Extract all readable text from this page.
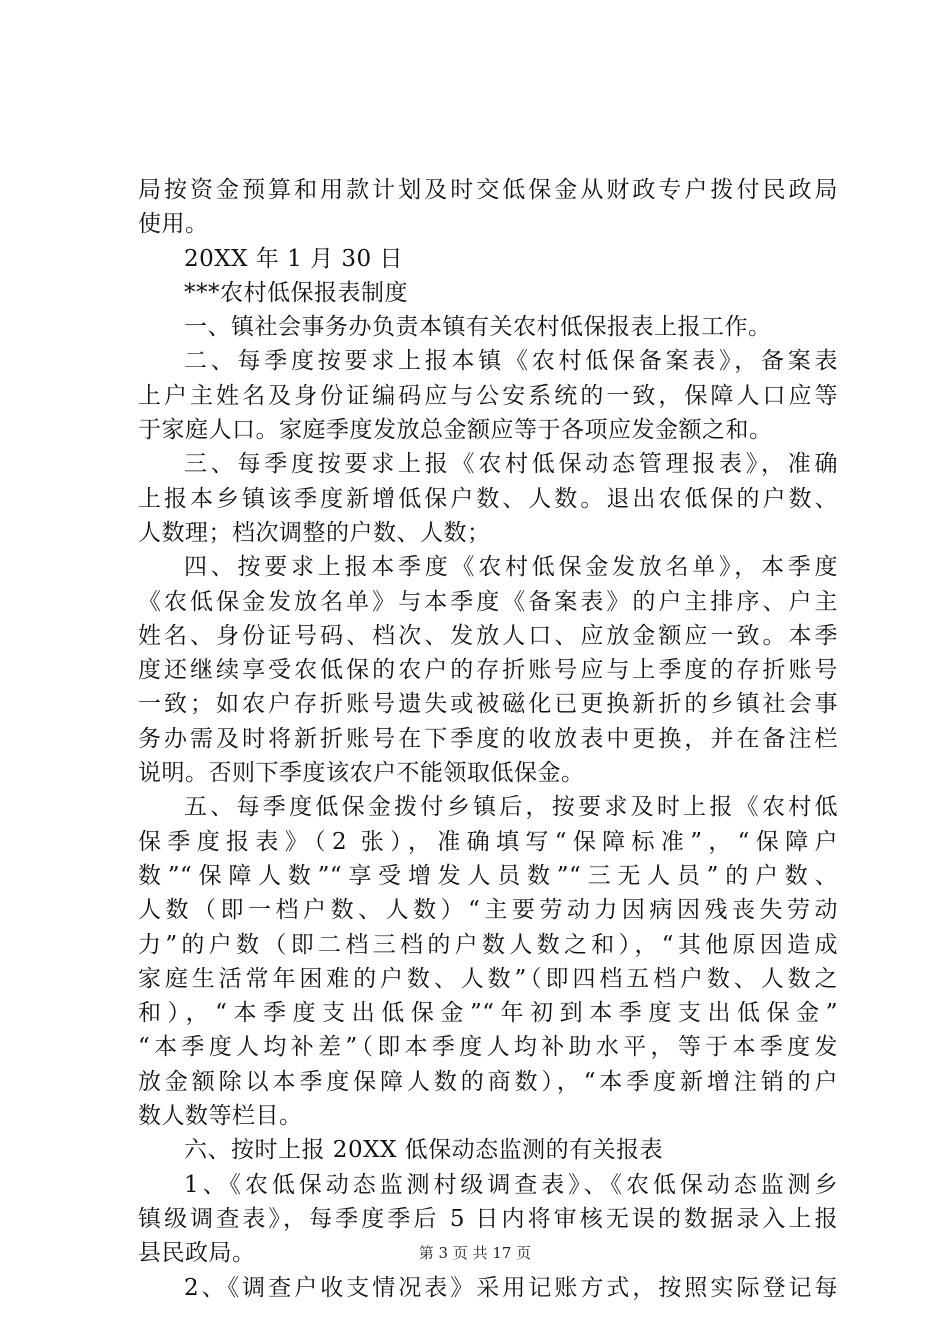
局按资金预算和用款计划及时交低保金从财政专户拨付民政局
使用。
20XX 年 1 月 30 日
***农村低保报表制度
一、镇社会事务办负责本镇有关农村低保报表上报工作。
二、每季度按要求上报本镇《农村低保备案表》，备案表
上户主姓名及身份证编码应与公安系统的一致，保障人口应等
于家庭人口。家庭季度发放总金额应等于各项应发金额之和。
三、每季度按要求上报《农村低保动态管理报表》，准确
上报本乡镇该季度新增低保户数、人数。退出农低保的户数、
人数理；档次调整的户数、人数；
四、按要求上报本季度《农村低保金发放名单》，本季度
《农低保金发放名单》与本季度《备案表》的户主排序、户主
姓名、身份证号码、档次、发放人口、应放金额应一致。本季
度还继续享受农低保的农户的存折账号应与上季度的存折账号
一致；如农户存折账号遗失或被磁化已更换新折的乡镇社会事
务办需及时将新折账号在下季度的收放表中更换，并在备注栏
说明。否则下季度该农户不能领取低保金。
五、每季度低保金拨付乡镇后，按要求及时上报《农村低
保季度报表》（2 张），准确填写“保障标准”，“保障户
数”“保障人数”“享受增发人员数”“三无人员”的户数、
人数（即一档户数、人数）“主要劳动力因病因残丧失劳动
力”的户数（即二档三档的户数人数之和），“其他原因造成
家庭生活常年困难的户数、人数”（即四档五档户数、人数之
和），“本季度支出低保金”“年初到本季度支出低保金”
“本季度人均补差”（即本季度人均补助水平，等于本季度发
放金额除以本季度保障人数的商数），“本季度新增注销的户
数人数等栏目。
六、按时上报 20XX 低保动态监测的有关报表
1、《农低保动态监测村级调查表》、《农低保动态监测乡
镇级调查表》，每季度季后 5 日内将审核无误的数据录入上报
县民政局。
2、《调查户收支情况表》采用记账方式，按照实际登记每
第 3 页 共 17 页
